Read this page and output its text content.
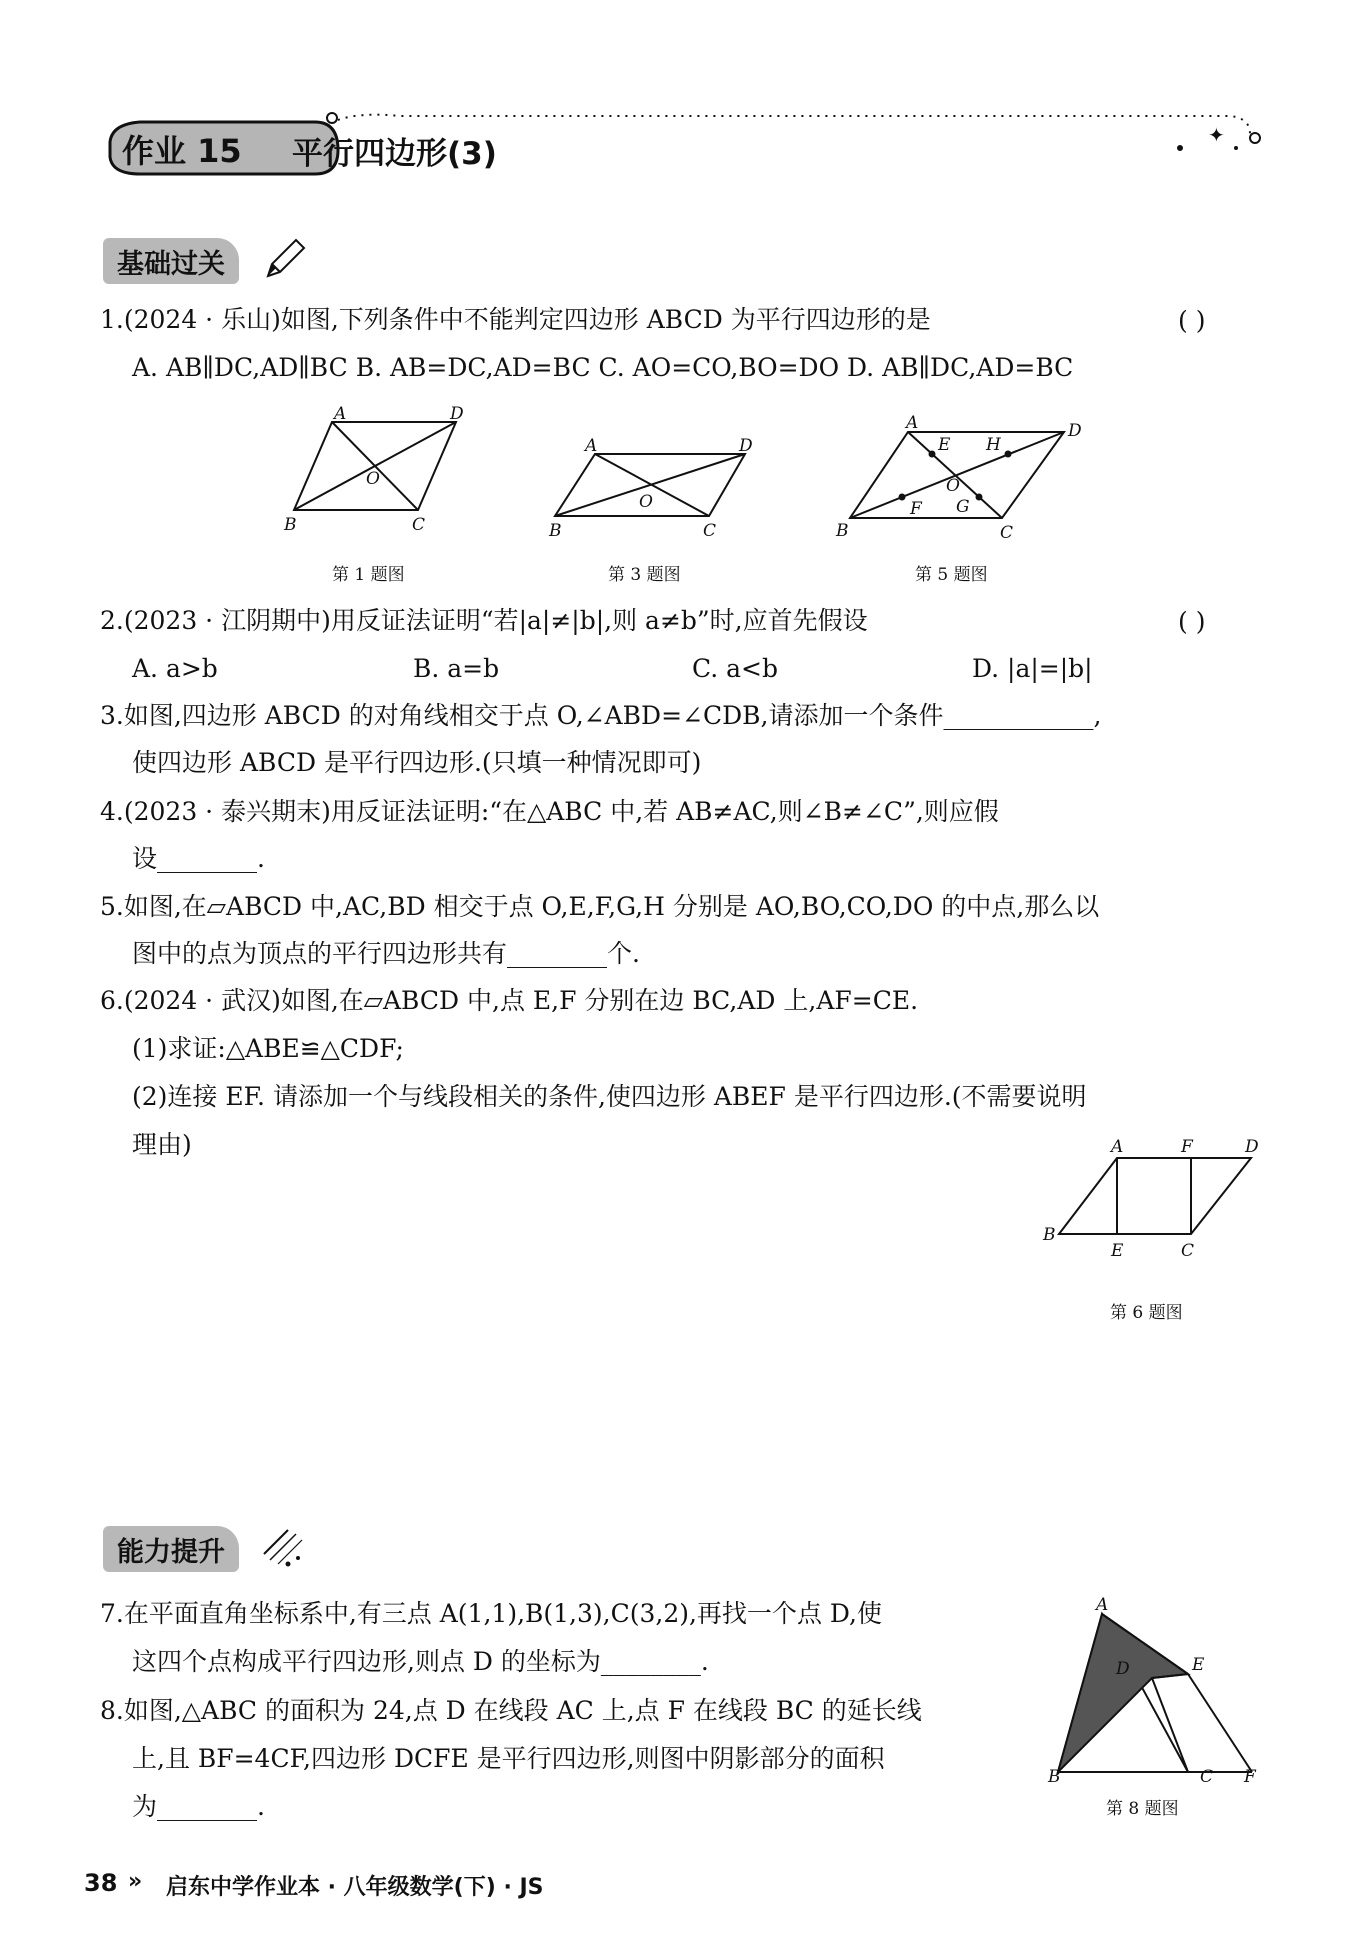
✦
作业 15 平行四边形(3)
基础过关
1.(2024 · 乐山)如图,下列条件中不能判定四边形 ABCD 为平行四边形的是	( )
A. AB∥DC,AD∥BC B. AB=DC,AD=BC C. AO=CO,BO=DO D. AB∥DC,AD=BC
A	D
O
B	C
第 1 题图
A	D
O
B	C
第 3 题图
A
E H
D
O
F G
B	C
第 5 题图
2.(2023 · 江阴期中)用反证法证明“若|a|≠|b|,则 a≠b”时,应首先假设	( )
A. a>b	B. a=b	C. a<b	D. |a|=|b|
3.如图,四边形 ABCD 的对角线相交于点 O,∠ABD=∠CDB,请添加一个条件____________,
使四边形 ABCD 是平行四边形.(只填一种情况即可)
4.(2023 · 泰兴期末)用反证法证明:“在△ABC 中,若 AB≠AC,则∠B≠∠C”,则应假
设________.
5.如图,在▱ABCD 中,AC,BD 相交于点 O,E,F,G,H 分别是 AO,BO,CO,DO 的中点,那么以
图中的点为顶点的平行四边形共有________个.
6.(2024 · 武汉)如图,在▱ABCD 中,点 E,F 分别在边 BC,AD 上,AF=CE.
(1)求证:△ABE≌△CDF;
(2)连接 EF. 请添加一个与线段相关的条件,使四边形 ABEF 是平行四边形.(不需要说明
理由)	A	F	D
B
E	C
第 6 题图
能力提升
7.在平面直角坐标系中,有三点 A(1,1),B(1,3),C(3,2),再找一个点 D,使
这四个点构成平行四边形,则点 D 的坐标为________.
8.如图,△ABC 的面积为 24,点 D 在线段 AC 上,点 F 在线段 BC 的延长线
上,且 BF=4CF,四边形 DCFE 是平行四边形,则图中阴影部分的面积
为________.
A
D	E
B	C F
第 8 题图
38 » 启东中学作业本 · 八年级数学(下) · JS
